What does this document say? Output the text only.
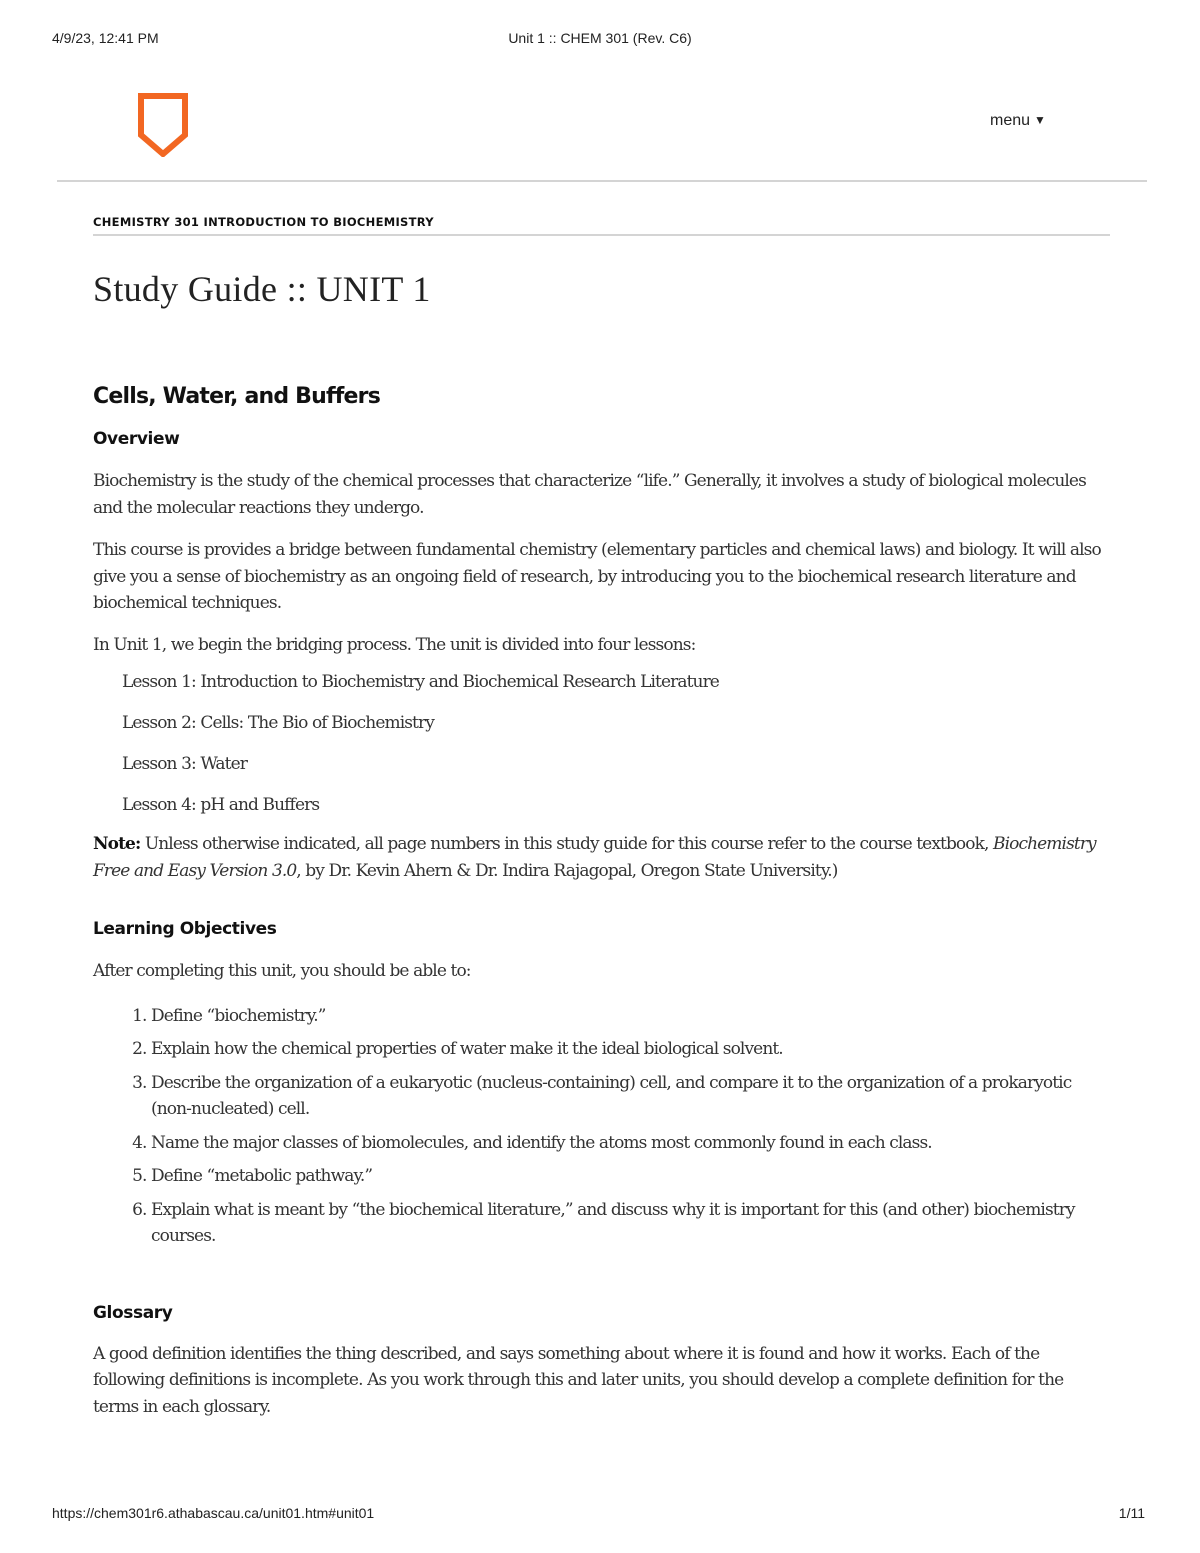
Unit 1 :: CHEM 301 (Rev. C6)
4/9/23, 12:41 PM
menu ▼
CHEMISTRY 301 INTRODUCTION TO BIOCHEMISTRY
Study Guide :: UNIT 1
Cells, Water, and Buffers
Overview

Biochemistry is the study of the chemical processes that characterize “life.” Generally, it involves a study of biological molecules and the molecular reactions they undergo.

This course is provides a bridge between fundamental chemistry (elementary particles and chemical laws) and biology. It will also give you a sense of biochemistry as an ongoing field of research, by introducing you to the biochemical research literature and biochemical techniques.

In Unit 1, we begin the bridging process. The unit is divided into four lessons:

Lesson 1: Introduction to Biochemistry and Biochemical Research Literature
Lesson 2: Cells: The Bio of Biochemistry
Lesson 3: Water
Lesson 4: pH and Buffers

Note: Unless otherwise indicated, all page numbers in this study guide for this course refer to the course textbook, Biochemistry Free and Easy Version 3.0, by Dr. Kevin Ahern & Dr. Indira Rajagopal, Oregon State University.)

Learning Objectives

After completing this unit, you should be able to:

1. Define “biochemistry.”
2. Explain how the chemical properties of water make it the ideal biological solvent.
3. Describe the organization of a eukaryotic (nucleus-containing) cell, and compare it to the organization of a prokaryotic (non-nucleated) cell.
4. Name the major classes of biomolecules, and identify the atoms most commonly found in each class.
5. Define “metabolic pathway.”
6. Explain what is meant by “the biochemical literature,” and discuss why it is important for this (and other) biochemistry courses.
Glossary

A good definition identifies the thing described, and says something about where it is found and how it works. Each of the following definitions is incomplete. As you work through this and later units, you should develop a complete definition for the terms in each glossary.

https://chem301r6.athabascau.ca/unit01.htm#unit01	1/11
